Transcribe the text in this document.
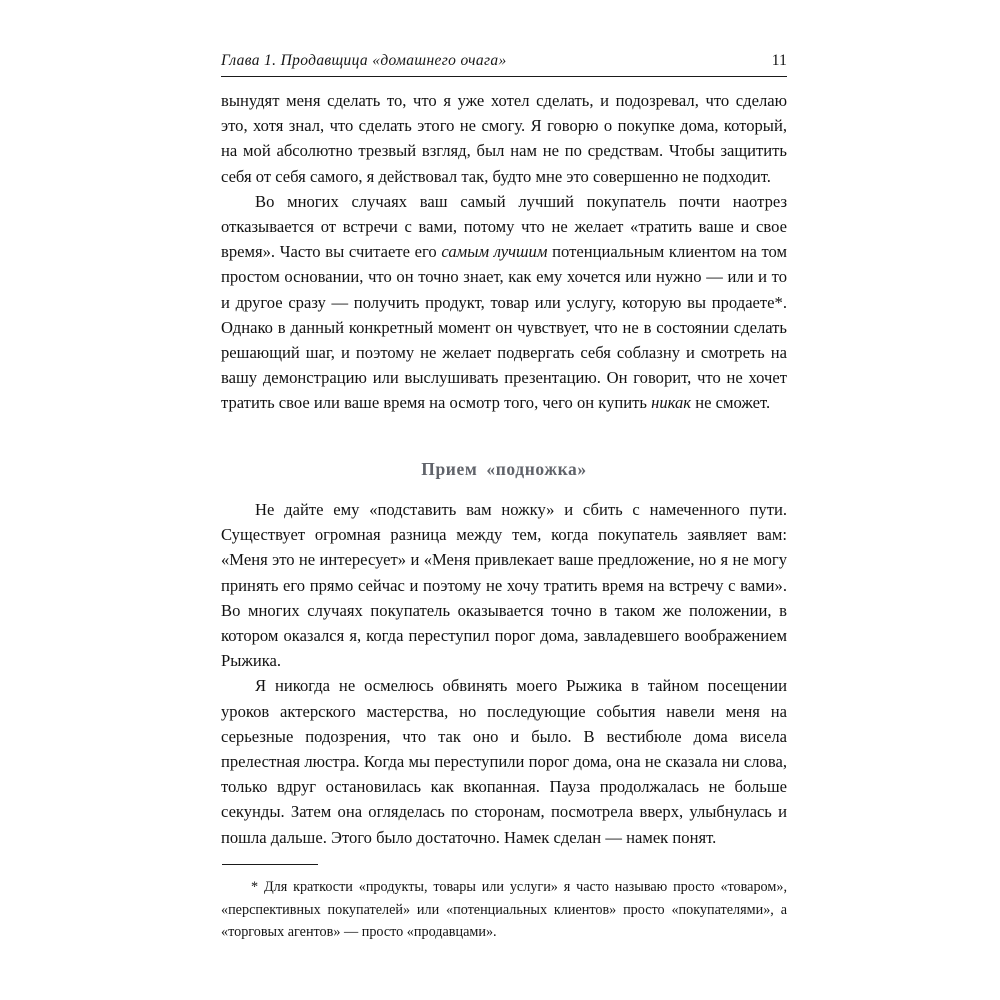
Глава 1. Продавщица «домашнего очага»	11

вынудят меня сделать то, что я уже хотел сделать, и подозревал, что сделаю это, хотя знал, что сделать этого не смогу. Я говорю о покупке дома, который, на мой абсолютно трезвый взгляд, был нам не по средствам. Чтобы защитить себя от себя самого, я действовал так, будто мне это совершенно не подходит.

Во многих случаях ваш самый лучший покупатель почти наотрез отказывается от встречи с вами, потому что не желает «тратить ваше и свое время». Часто вы считаете его самым лучшим потенциальным клиентом на том простом основании, что он точно знает, как ему хочется или нужно — или и то и другое сразу — получить продукт, товар или услугу, которую вы продаете*. Однако в данный конкретный момент он чувствует, что не в состоянии сделать решающий шаг, и поэтому не желает подвергать себя соблазну и смотреть на вашу демонстрацию или выслушивать презентацию. Он говорит, что не хочет тратить свое или ваше время на осмотр того, чего он купить никак не сможет.

Прием «подножка»

Не дайте ему «подставить вам ножку» и сбить с намеченного пути. Существует огромная разница между тем, когда покупатель заявляет вам: «Меня это не интересует» и «Меня привлекает ваше предложение, но я не могу принять его прямо сейчас и поэтому не хочу тратить время на встречу с вами». Во многих случаях покупатель оказывается точно в таком же положении, в котором оказался я, когда переступил порог дома, завладевшего воображением Рыжика.

Я никогда не осмелюсь обвинять моего Рыжика в тайном посещении уроков актерского мастерства, но последующие события навели меня на серьезные подозрения, что так оно и было. В вестибюле дома висела прелестная люстра. Когда мы переступили порог дома, она не сказала ни слова, только вдруг остановилась как вкопанная. Пауза продолжалась не больше секунды. Затем она огляделась по сторонам, посмотрела вверх, улыбнулась и пошла дальше. Этого было достаточно. Намек сделан — намек понят.

* Для краткости «продукты, товары или услуги» я часто называю просто «товаром», «перспективных покупателей» или «потенциальных клиентов» просто «покупателями», а «торговых агентов» — просто «продавцами».
